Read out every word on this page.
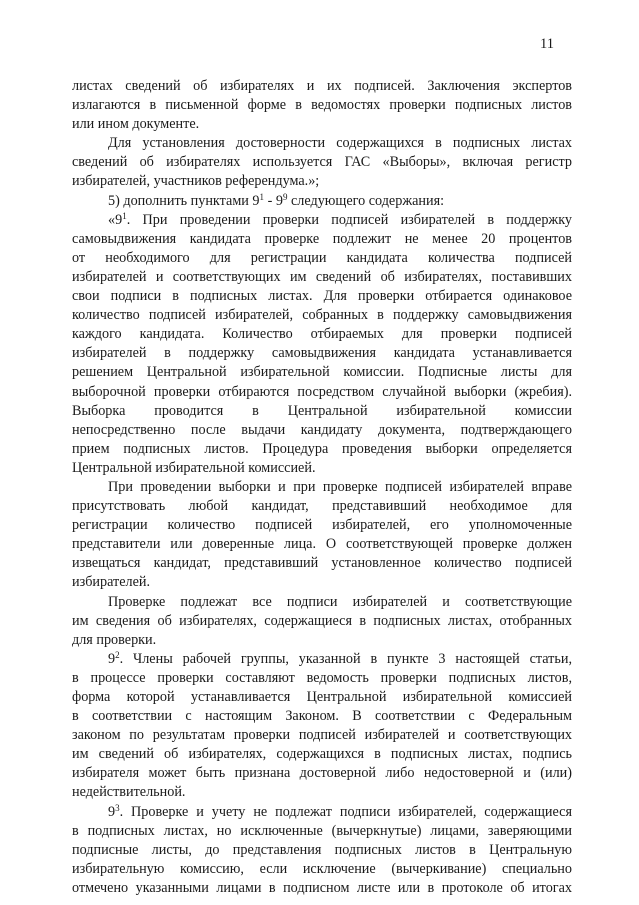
11
листах сведений об избирателях и их подписей. Заключения экспертов
излагаются в письменной форме в ведомостях проверки подписных листов
или ином документе.
Для установления достоверности содержащихся в подписных листах
сведений об избирателях используется ГАС «Выборы», включая регистр
избирателей, участников референдума.»;
5) дополнить пунктами $9^1 - 9^9$ следующего содержания:
«$9^1$. При проведении проверки подписей избирателей в поддержку
самовыдвижения кандидата проверке подлежит не менее 20 процентов
от необходимого для регистрации кандидата количества подписей
избирателей и соответствующих им сведений об избирателях, поставивших
свои подписи в подписных листах. Для проверки отбирается одинаковое
количество подписей избирателей, собранных в поддержку самовыдвижения
каждого кандидата. Количество отбираемых для проверки подписей
избирателей в поддержку самовыдвижения кандидата устанавливается
решением Центральной избирательной комиссии. Подписные листы для
выборочной проверки отбираются посредством случайной выборки (жребия).
Выборка проводится в Центральной избирательной комиссии
непосредственно после выдачи кандидату документа, подтверждающего
прием подписных листов. Процедура проведения выборки определяется
Центральной избирательной комиссией.
При проведении выборки и при проверке подписей избирателей вправе
присутствовать любой кандидат, представивший необходимое для
регистрации количество подписей избирателей, его уполномоченные
представители или доверенные лица. О соответствующей проверке должен
извещаться кандидат, представивший установленное количество подписей
избирателей.
Проверке подлежат все подписи избирателей и соответствующие
им сведения об избирателях, содержащиеся в подписных листах, отобранных
для проверки.
$9^2$. Члены рабочей группы, указанной в пункте 3 настоящей статьи,
в процессе проверки составляют ведомость проверки подписных листов,
форма которой устанавливается Центральной избирательной комиссией
в соответствии с настоящим Законом. В соответствии с Федеральным
законом по результатам проверки подписей избирателей и соответствующих
им сведений об избирателях, содержащихся в подписных листах, подпись
избирателя может быть признана достоверной либо недостоверной и (или)
недействительной.
$9^3$. Проверке и учету не подлежат подписи избирателей, содержащиеся
в подписных листах, но исключенные (вычеркнутые) лицами, заверяющими
подписные листы, до представления подписных листов в Центральную
избирательную комиссию, если исключение (вычеркивание) специально
отмечено указанными лицами в подписном листе или в протоколе об итогах
